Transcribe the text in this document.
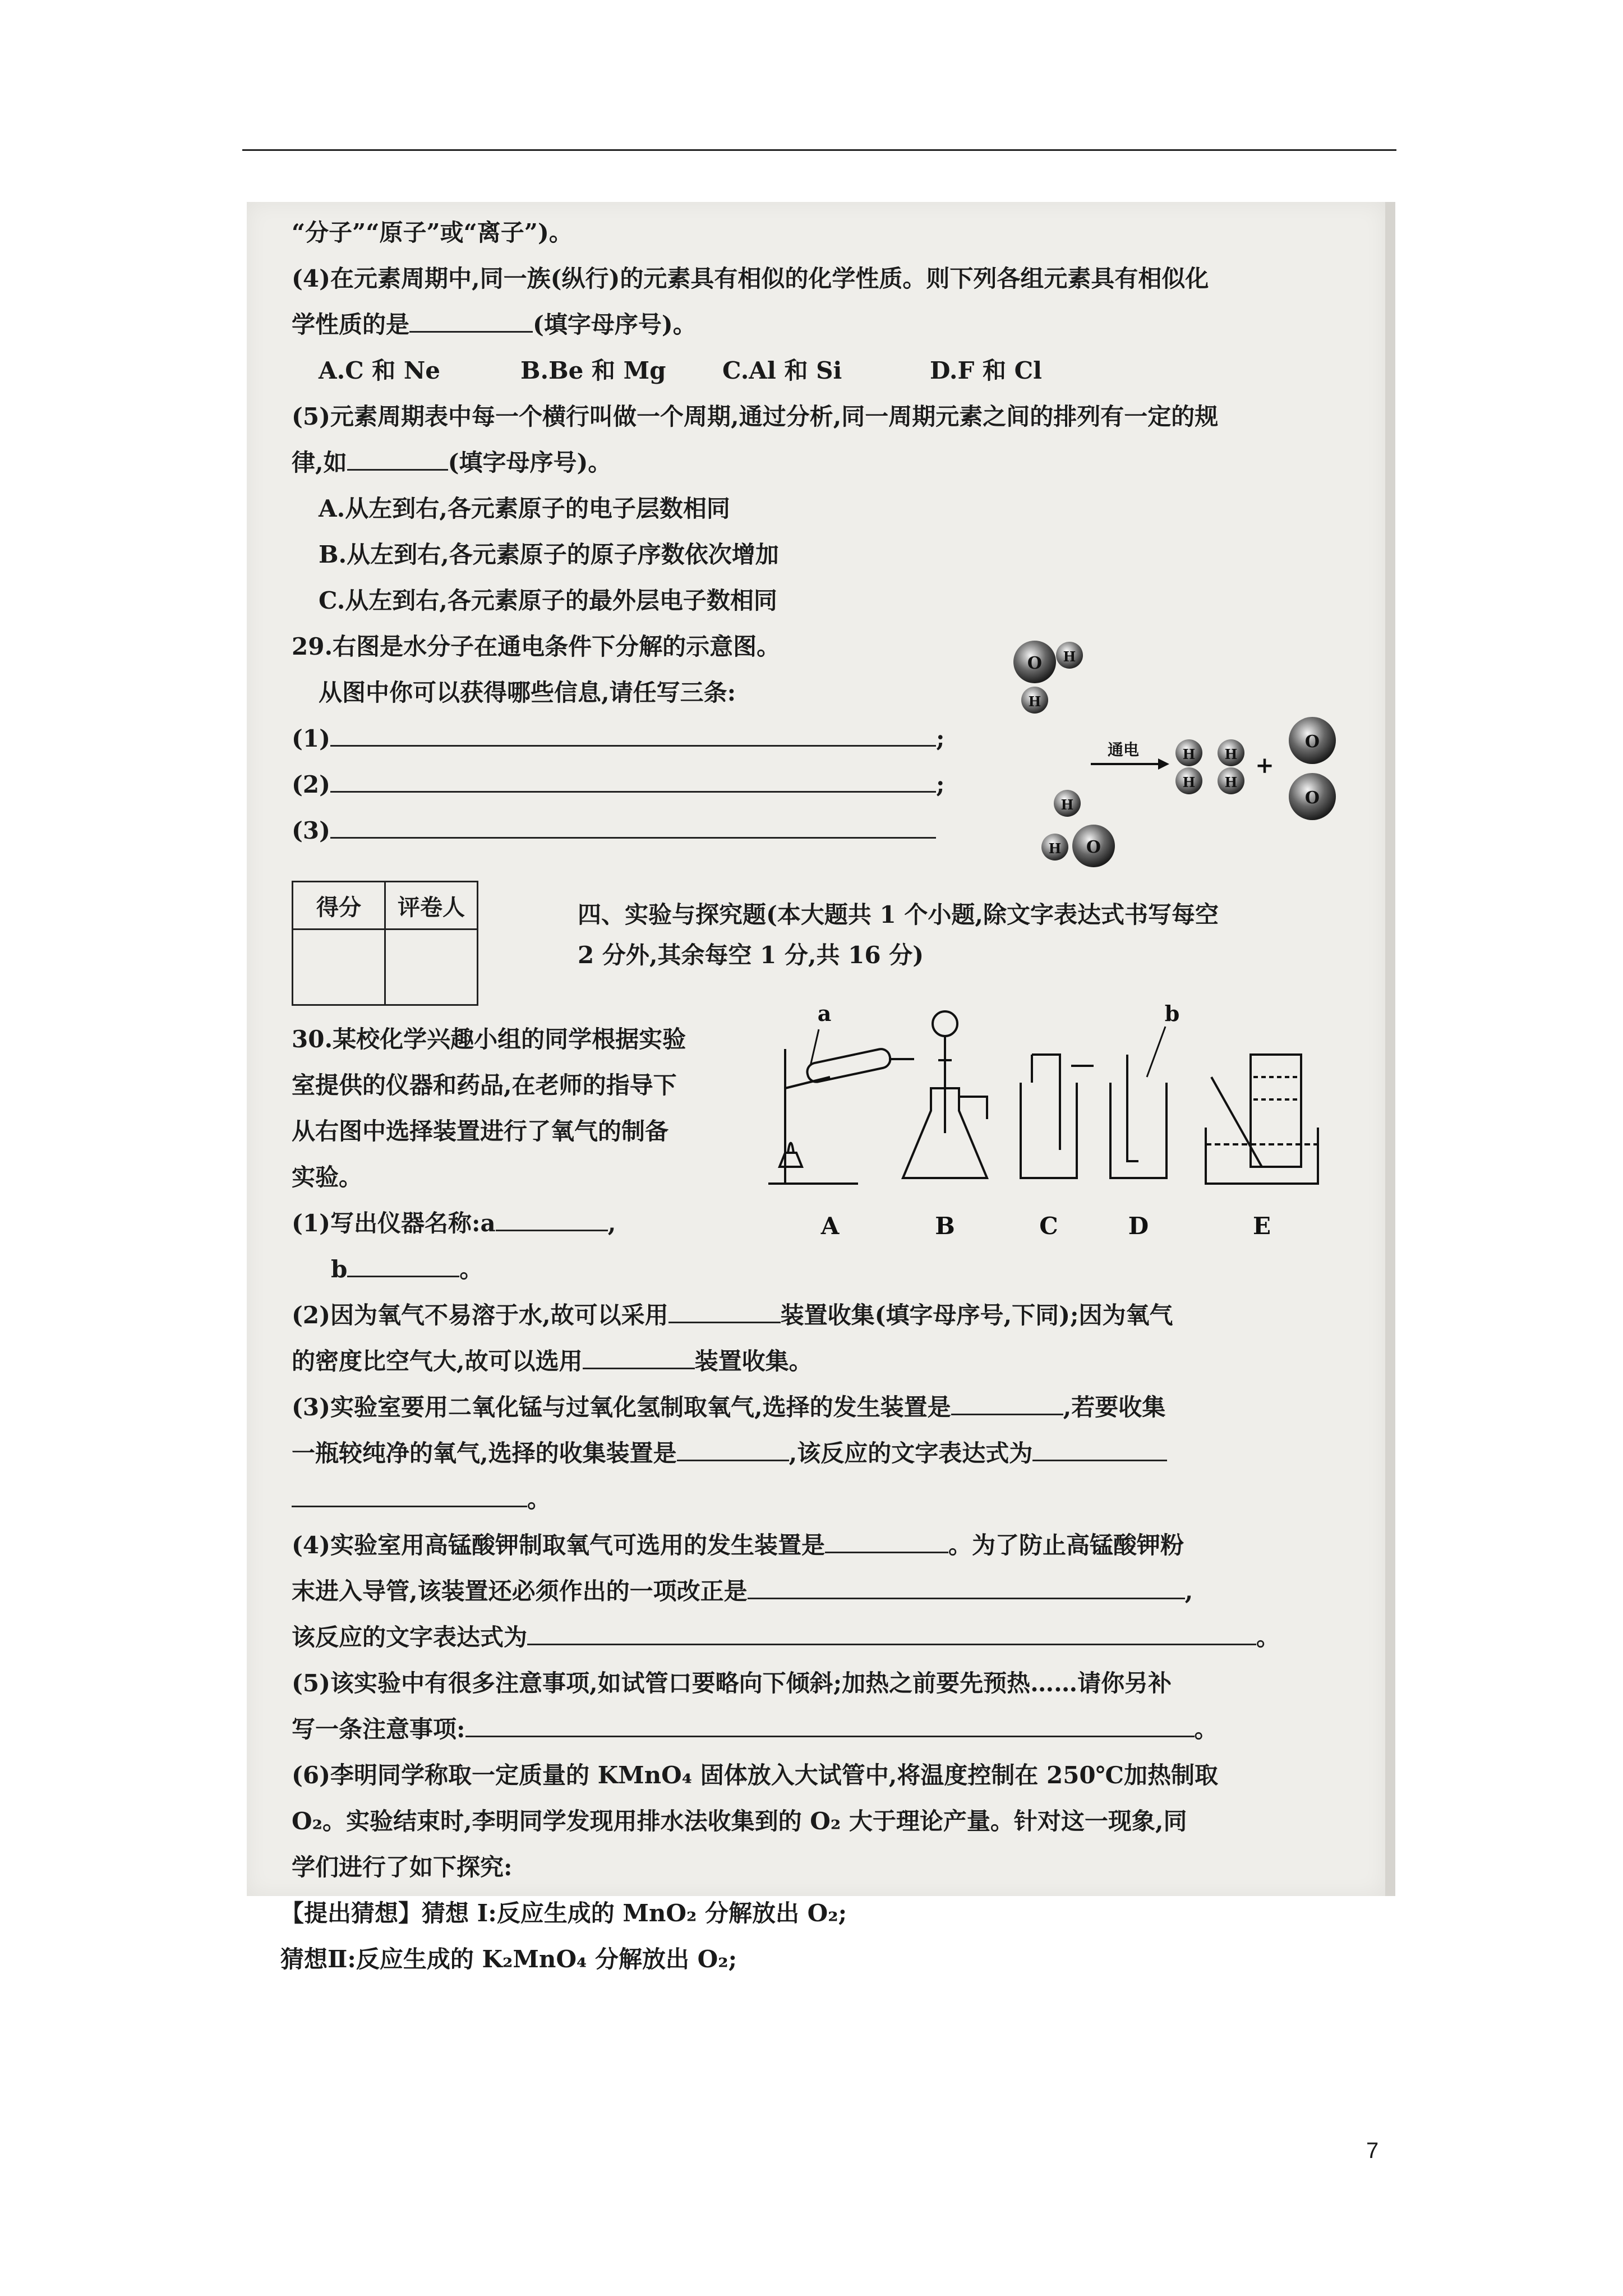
“分子”“原子”或“离子”)。
(4)在元素周期中,同一族(纵行)的元素具有相似的化学性质。则下列各组元素具有相似化
学性质的是	(填字母序号)。
A.C 和 Ne	B.Be 和 Mg C.Al 和 Si	D.F 和 Cl
(5)元素周期表中每一个横行叫做一个周期,通过分析,同一周期元素之间的排列有一定的规
律,如	(填字母序号)。
A.从左到右,各元素原子的电子层数相同
B.从左到右,各元素原子的原子序数依次增加
C.从左到右,各元素原子的最外层电子数相同
29.右图是水分子在通电条件下分解的示意图。
从图中你可以获得哪些信息,请任写三条:
(1)	;
(2)	;
(3)
O H
H
H
H O
通电	H
H
H
H
+
O
O
得分	评卷人
		四、实验与探究题(本大题共 1 个小题,除文字表达式书写每空
2 分外,其余每空 1 分,共 16 分)
30.某校化学兴趣小组的同学根据实验
室提供的仪器和药品,在老师的指导下
从右图中选择装置进行了氧气的制备
实验。
(1)写出仪器名称:a	,
b	。
a	b
A	B	C	D	E
(2)因为氧气不易溶于水,故可以采用	装置收集(填字母序号,下同);因为氧气
的密度比空气大,故可以选用	装置收集。
(3)实验室要用二氧化锰与过氧化氢制取氧气,选择的发生装置是	,若要收集
一瓶较纯净的氧气,选择的收集装置是	,该反应的文字表达式为
。
(4)实验室用高锰酸钾制取氧气可选用的发生装置是	。为了防止高锰酸钾粉
末进入导管,该装置还必须作出的一项改正是	,
该反应的文字表达式为	。
(5)该实验中有很多注意事项,如试管口要略向下倾斜;加热之前要先预热……请你另补
写一条注意事项:	。
(6)李明同学称取一定质量的 KMnO₄ 固体放入大试管中,将温度控制在 250℃加热制取
O₂。实验结束时,李明同学发现用排水法收集到的 O₂ 大于理论产量。针对这一现象,同
学们进行了如下探究:
【提出猜想】猜想 I:反应生成的 MnO₂ 分解放出 O₂;
猜想Ⅱ:反应生成的 K₂MnO₄ 分解放出 O₂;
7
